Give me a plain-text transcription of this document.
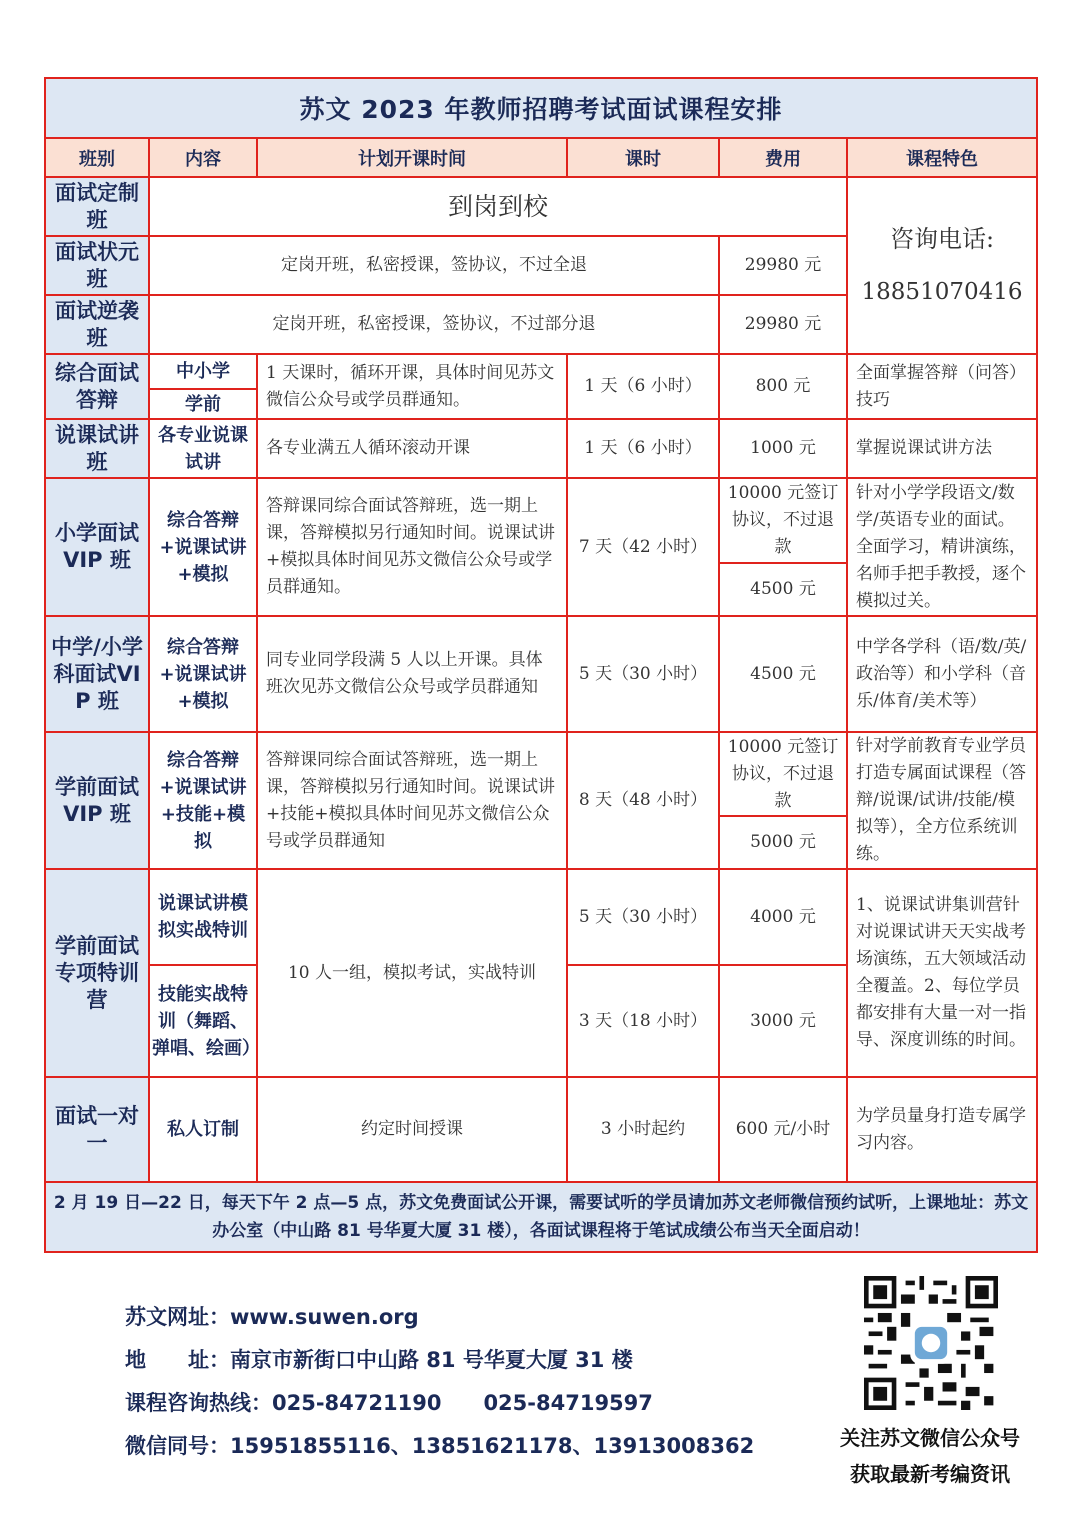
苏文 2023 年教师招聘考试面试课程安排					
班别	内容	计划开课时间	课时	费用	课程特色
面试定制班	到岗到校				咨询电话:
18851070416

面试状元班	定岗开班，私密授课，签协议，不过全退			29980 元	
面试逆袭班	定岗开班，私密授课，签协议，不过部分退			29980 元	
综合面试答辩	中小学	1 天课时，循环开课，具体时间见苏文微信公众号或学员群通知。	1 天（6 小时）	800 元	全面掌握答辩（问答）技巧
	学前				
说课试讲班	各专业说课试讲	各专业满五人循环滚动开课	1 天（6 小时）	1000 元	掌握说课试讲方法
小学面试VIP 班	综合答辩+说课试讲+模拟	答辩课同综合面试答辩班，选一期上课，答辩模拟另行通知时间。说课试讲+模拟具体时间见苏文微信公众号或学员群通知。	7 天（42 小时）	10000 元签订协议，不过退款	针对小学学段语文/数学/英语专业的面试。全面学习，精讲演练，名师手把手教授，逐个模拟过关。
				4500 元	
中学/小学科面试VIP 班	综合答辩+说课试讲+模拟	同专业同学段满 5 人以上开课。具体班次见苏文微信公众号或学员群通知	5 天（30 小时）	4500 元	中学各学科（语/数/英/政治等）和小学科（音乐/体育/美术等）
学前面试VIP 班	综合答辩+说课试讲+技能+模拟	答辩课同综合面试答辩班，选一期上课，答辩模拟另行通知时间。说课试讲+技能+模拟具体时间见苏文微信公众号或学员群通知	8 天（48 小时）	10000 元签订协议，不过退款	针对学前教育专业学员打造专属面试课程（答辩/说课/试讲/技能/模拟等），全方位系统训练。
				5000 元	
学前面试专项特训营	说课试讲模拟实战特训	10 人一组，模拟考试，实战特训	5 天（30 小时）	4000 元	1、说课试讲集训营针对说课试讲天天实战考场演练，五大领域活动全覆盖。2、每位学员都安排有大量一对一指导、深度训练的时间。
	技能实战特训（舞蹈、弹唱、绘画）		3 天（18 小时）	3000 元	
面试一对一	私人订制	约定时间授课	3 小时起约	600 元/小时	为学员量身打造专属学习内容。
2 月 19 日—22 日，每天下午 2 点—5 点，苏文免费面试公开课，需要试听的学员请加苏文老师微信预约试听，上课地址：苏文办公室（中山路 81 号华夏大厦 31 楼），各面试课程将于笔试成绩公布当天全面启动！					
苏文网址：www.suwen.org
地　　址：南京市新街口中山路 81 号华夏大厦 31 楼
课程咨询热线：025-84721190　　025-84719597
微信同号：15951855116、13851621178、13913008362	关注苏文微信公众号
获取最新考编资讯
